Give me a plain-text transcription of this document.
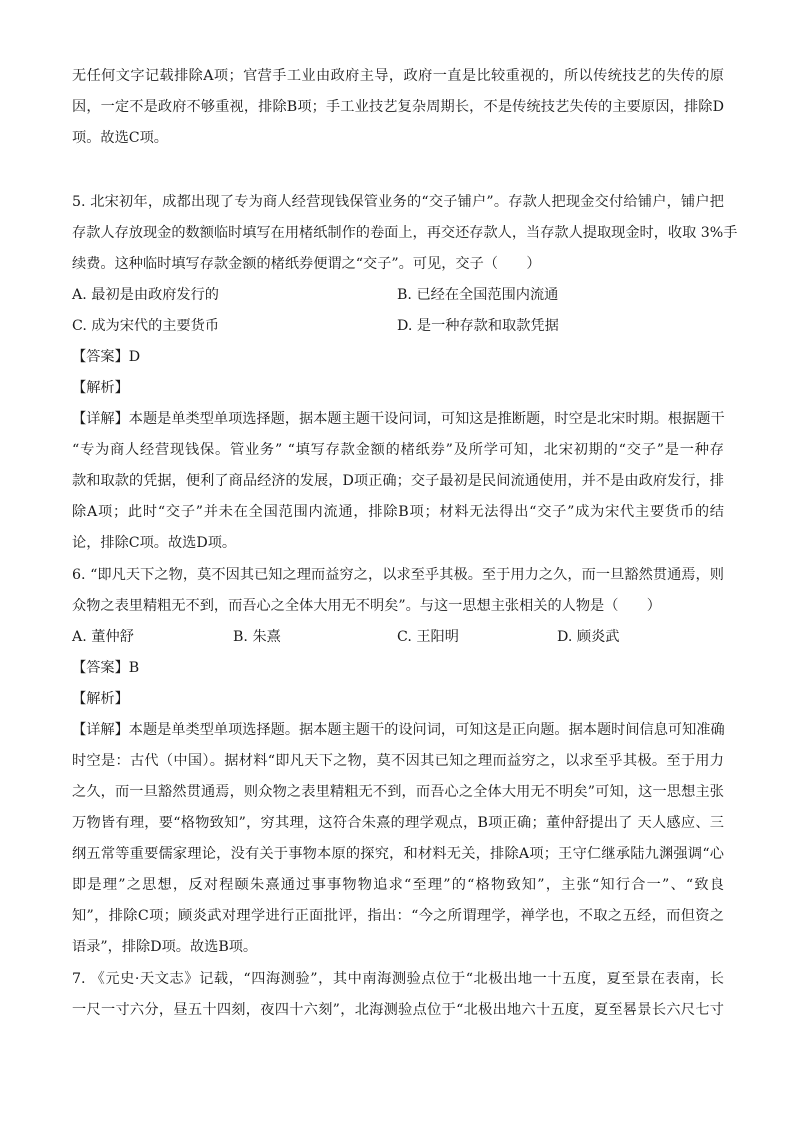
无任何文字记载排除A项；官营手工业由政府主导，政府一直是比较重视的，所以传统技艺的失传的原
因，一定不是政府不够重视，排除B项；手工业技艺复杂周期长，不是传统技艺失传的主要原因，排除D
项。故选C项。
5. 北宋初年，成都出现了专为商人经营现钱保管业务的“交子铺户”。存款人把现金交付给铺户，铺户把
存款人存放现金的数额临时填写在用楮纸制作的卷面上，再交还存款人，当存款人提取现金时，收取 3%手
续费。这种临时填写存款金额的楮纸券便谓之“交子”。可见，交子（　　）
A. 最初是由政府发行的	B. 已经在全国范围内流通
C. 成为宋代的主要货币	D. 是一种存款和取款凭据
【答案】D
【解析】
【详解】本题是单类型单项选择题，据本题主题干设问词，可知这是推断题，时空是北宋时期。根据题干
“专为商人经营现钱保。管业务” “填写存款金额的楮纸券”及所学可知，北宋初期的“交子”是一种存
款和取款的凭据，便利了商品经济的发展，D项正确；交子最初是民间流通使用，并不是由政府发行，排
除A项；此时“交子”并未在全国范围内流通，排除B项；材料无法得出“交子”成为宋代主要货币的结
论，排除C项。故选D项。
6. “即凡天下之物，莫不因其已知之理而益穷之，以求至乎其极。至于用力之久，而一旦豁然贯通焉，则
众物之表里精粗无不到，而吾心之全体大用无不明矣”。与这一思想主张相关的人物是（　　）
A. 董仲舒	B. 朱熹	C. 王阳明	D. 顾炎武
【答案】B
【解析】
【详解】本题是单类型单项选择题。据本题主题干的设问词，可知这是正向题。据本题时间信息可知准确
时空是：古代（中国）。据材料“即凡天下之物，莫不因其已知之理而益穷之，以求至乎其极。至于用力
之久，而一旦豁然贯通焉，则众物之表里精粗无不到，而吾心之全体大用无不明矣”可知，这一思想主张
万物皆有理，要“格物致知”，穷其理，这符合朱熹的理学观点，B项正确；董仲舒提出了 天人感应、三
纲五常等重要儒家理论，没有关于事物本原的探究，和材料无关，排除A项；王守仁继承陆九渊强调“心
即是理”之思想，反对程颐朱熹通过事事物物追求“至理”的“格物致知”，主张“知行合一”、“致良
知”，排除C项；顾炎武对理学进行正面批评，指出：“今之所谓理学，禅学也，不取之五经，而但资之
语录”，排除D项。故选B项。
7. 《元史·天文志》记载，“四海测验”，其中南海测验点位于“北极出地一十五度，夏至景在表南，长
一尺一寸六分，昼五十四刻，夜四十六刻”，北海测验点位于“北极出地六十五度，夏至晷景长六尺七寸
